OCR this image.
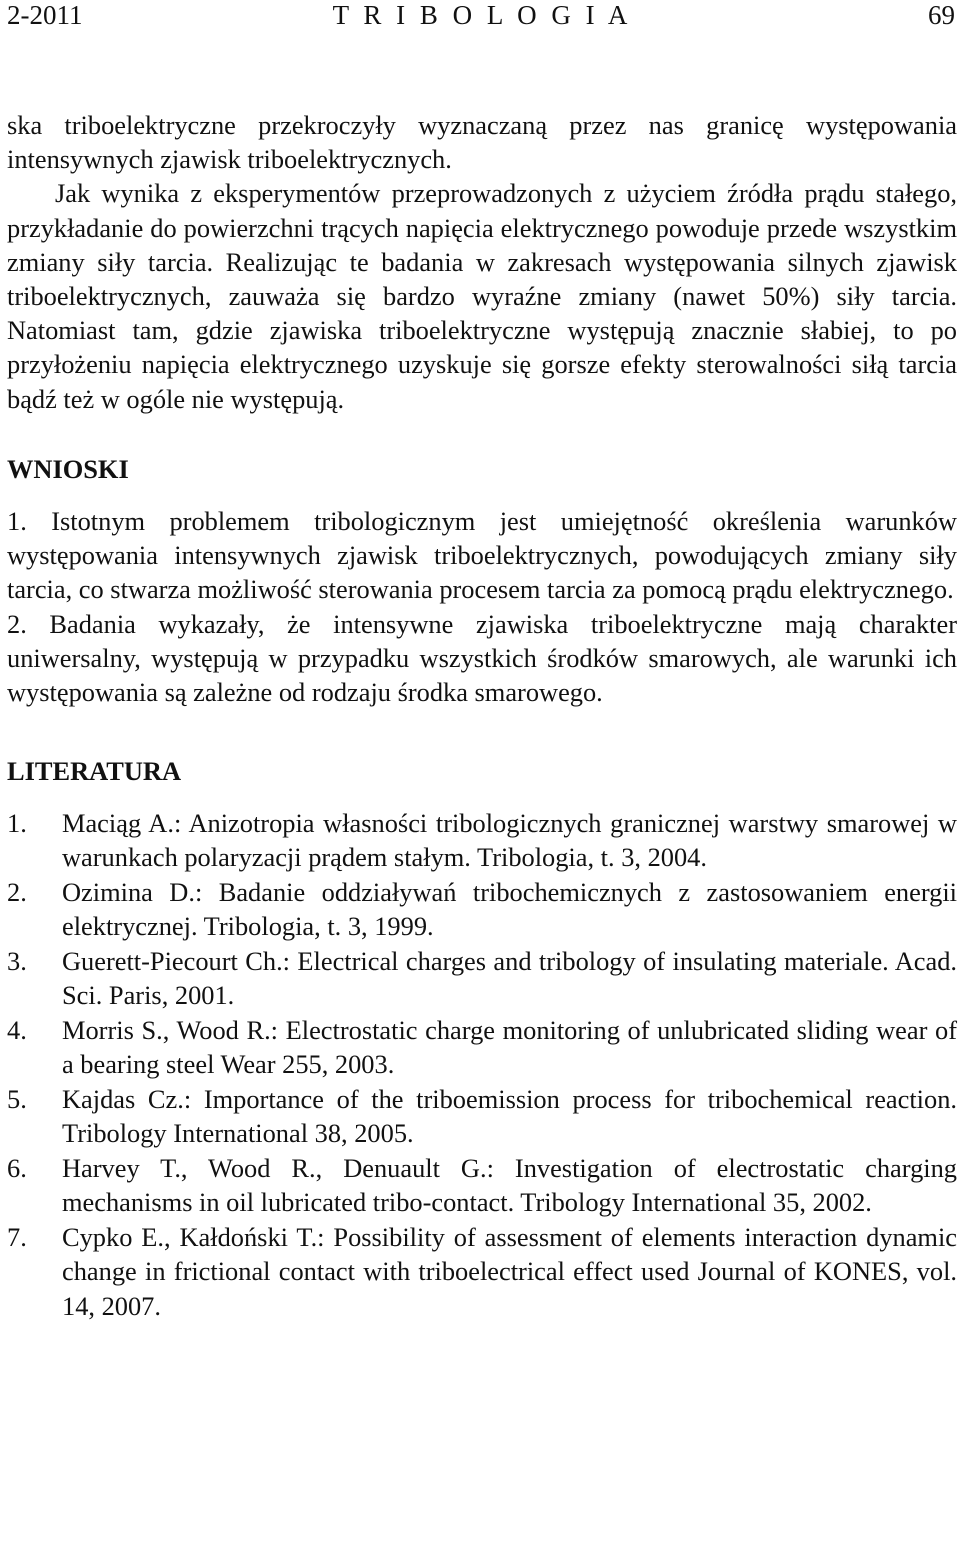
2-2011	T R I B O L O G I A	69

ska triboelektryczne przekroczyły wyznaczaną przez nas granicę występowania intensywnych zjawisk triboelektrycznych.

Jak wynika z eksperymentów przeprowadzonych z użyciem źródła prądu stałego, przykładanie do powierzchni trących napięcia elektrycznego powoduje przede wszystkim zmiany siły tarcia. Realizując te badania w zakresach występowania silnych zjawisk triboelektrycznych, zauważa się bardzo wyraźne zmiany (nawet 50%) siły tarcia. Natomiast tam, gdzie zjawiska triboelektryczne występują znacznie słabiej, to po przyłożeniu napięcia elektrycznego uzyskuje się gorsze efekty sterowalności siłą tarcia bądź też w ogóle nie występują.

WNIOSKI

1. Istotnym problemem tribologicznym jest umiejętność określenia warunków występowania intensywnych zjawisk triboelektrycznych, powodujących zmiany siły tarcia, co stwarza możliwość sterowania procesem tarcia za pomocą prądu elektrycznego.

2. Badania wykazały, że intensywne zjawiska triboelektryczne mają charakter uniwersalny, występują w przypadku wszystkich środków smarowych, ale warunki ich występowania są zależne od rodzaju środka smarowego.

LITERATURA
1. Maciąg A.: Anizotropia własności tribologicznych granicznej warstwy smarowej w warunkach polaryzacji prądem stałym. Tribologia, t. 3, 2004.
2. Ozimina D.: Badanie oddziaływań tribochemicznych z zastosowaniem energii elektrycznej. Tribologia, t. 3, 1999.
3. Guerett-Piecourt Ch.: Electrical charges and tribology of insulating materiale. Acad. Sci. Paris, 2001.
4. Morris S., Wood R.: Electrostatic charge monitoring of unlubricated sliding wear of a bearing steel Wear 255, 2003.
5. Kajdas Cz.: Importance of the triboemission process for tribochemical reaction. Tribology International 38, 2005.
6. Harvey T., Wood R., Denuault G.: Investigation of electrostatic charging mechanisms in oil lubricated tribo-contact. Tribology International 35, 2002.
7. Cypko E., Kałdoński T.: Possibility of assessment of elements interaction dynamic change in frictional contact with triboelectrical effect used Journal of KONES, vol. 14, 2007.
